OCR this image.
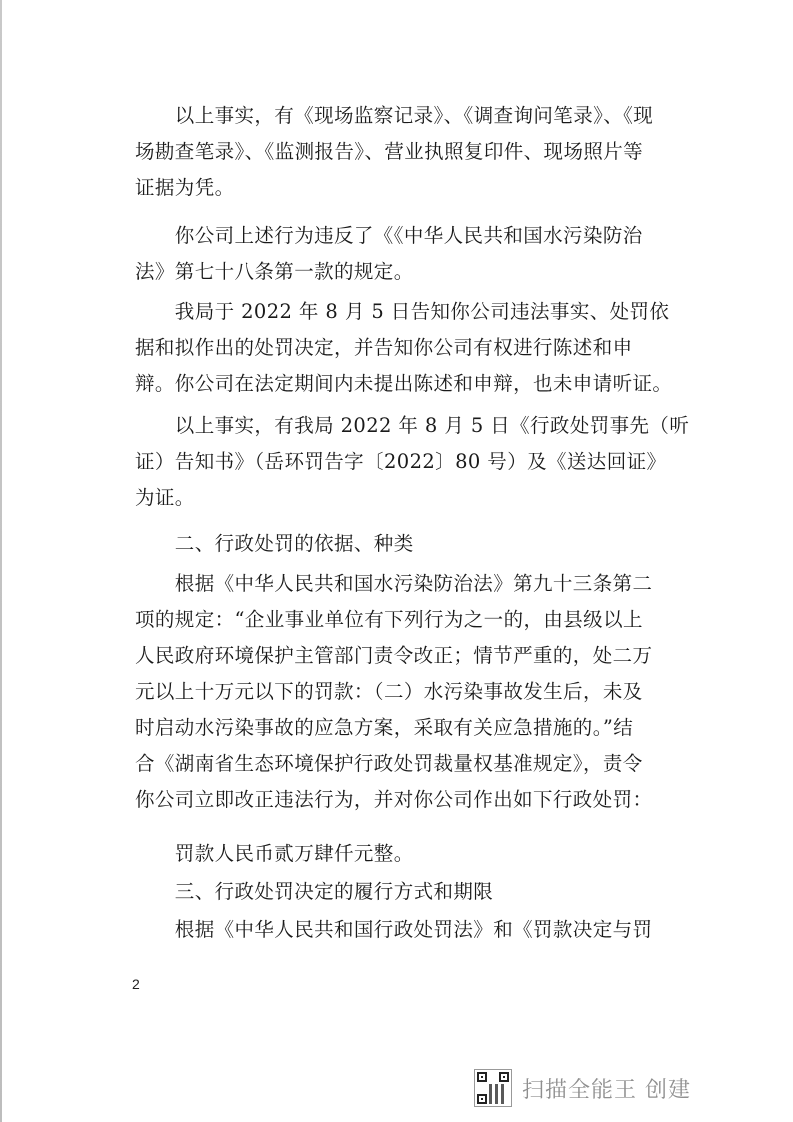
　　以上事实，有《现场监察记录》、《调查询问笔录》、《现
场勘查笔录》、《监测报告》、营业执照复印件、现场照片等
证据为凭。

　　你公司上述行为违反了《《中华人民共和国水污染防治
法》第七十八条第一款的规定。

　　我局于 2022 年 8 月 5 日告知你公司违法事实、处罚依
据和拟作出的处罚决定，并告知你公司有权进行陈述和申
辩。你公司在法定期间内未提出陈述和申辩，也未申请听证。

　　以上事实，有我局 2022 年 8 月 5 日《行政处罚事先（听
证）告知书》（岳环罚告字〔2022〕80 号）及《送达回证》
为证。

　　二、行政处罚的依据、种类

　　根据《中华人民共和国水污染防治法》第九十三条第二
项的规定：“企业事业单位有下列行为之一的，由县级以上
人民政府环境保护主管部门责令改正；情节严重的，处二万
元以上十万元以下的罚款：（二）水污染事故发生后，未及
时启动水污染事故的应急方案，采取有关应急措施的。”结
合《湖南省生态环境保护行政处罚裁量权基准规定》，责令
你公司立即改正违法行为，并对你公司作出如下行政处罚：

　　罚款人民币贰万肆仟元整。

　　三、行政处罚决定的履行方式和期限

　　根据《中华人民共和国行政处罚法》和《罚款决定与罚

2
扫描全能王 创建
